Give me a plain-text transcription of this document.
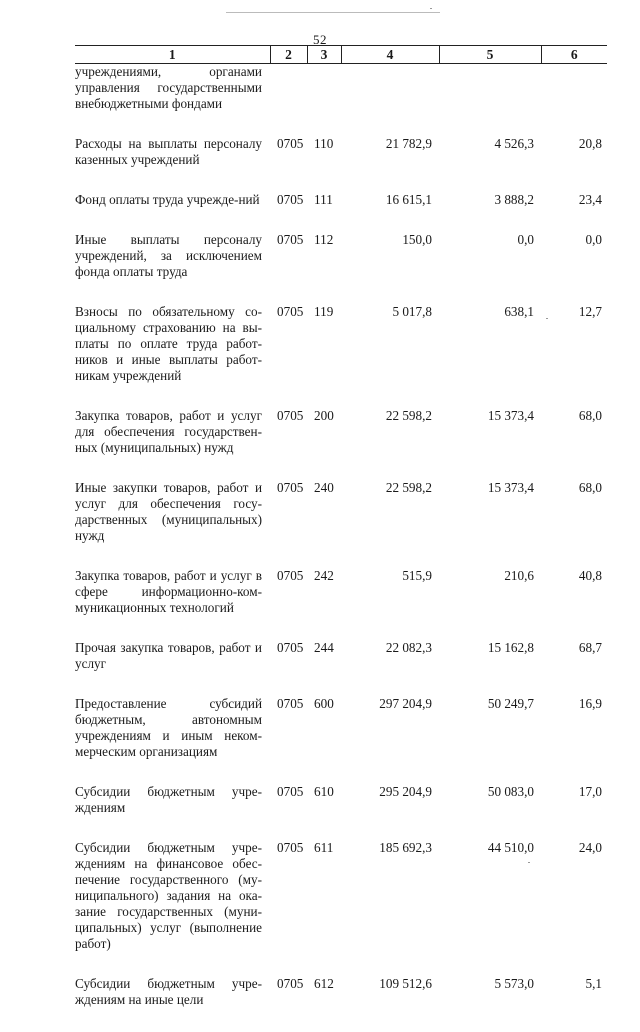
52
1	2	3	4	5	6
учреждениями, органами управления государственными внебюджетными фондами					
Расходы на выплаты персоналу казенных учреждений	0705	110	21 782,9	4 526,3	20,8
Фонд оплаты труда учрежде-ний	0705	111	16 615,1	3 888,2	23,4
Иные выплаты персоналу учреждений, за исключением фонда оплаты труда	0705	112	150,0	0,0	0,0
Взносы по обязательному со-циальному страхованию на вы-платы по оплате труда работ-ников и иные выплаты работ-никам учреждений	0705	119	5 017,8	638,1	12,7
Закупка товаров, работ и услуг для обеспечения государствен-ных (муниципальных) нужд	0705	200	22 598,2	15 373,4	68,0
Иные закупки товаров, работ и услуг для обеспечения госу-дарственных (муниципальных) нужд	0705	240	22 598,2	15 373,4	68,0
Закупка товаров, работ и услуг в сфере информационно-ком-муникационных технологий	0705	242	515,9	210,6	40,8
Прочая закупка товаров, работ и услуг	0705	244	22 082,3	15 162,8	68,7
Предоставление субсидий бюджетным, автономным учреждениям и иным неком-мерческим организациям	0705	600	297 204,9	50 249,7	16,9
Субсидии бюджетным учре-ждениям	0705	610	295 204,9	50 083,0	17,0
Субсидии бюджетным учре-ждениям на финансовое обес-печение государственного (му-ниципального) задания на ока-зание государственных (муни-ципальных) услуг (выполнение работ)	0705	611	185 692,3	44 510,0	24,0
Субсидии бюджетным учре-ждениям на иные цели	0705	612	109 512,6	5 573,0	5,1
